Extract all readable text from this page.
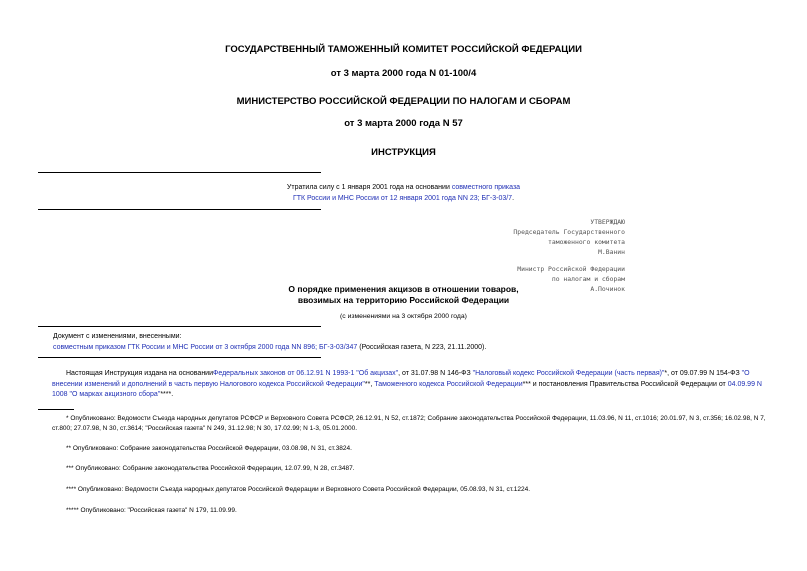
ГОСУДАРСТВЕННЫЙ ТАМОЖЕННЫЙ КОМИТЕТ РОССИЙСКОЙ ФЕДЕРАЦИИ
от 3 марта 2000 года N 01-100/4
МИНИСТЕРСТВО РОССИЙСКОЙ ФЕДЕРАЦИИ ПО НАЛОГАМ И СБОРАМ
от 3 марта 2000 года N 57
ИНСТРУКЦИЯ
Утратила силу с 1 января 2001 года на основании совместного приказа
ГТК России и МНС России от 12 января 2001 года NN 23; БГ-3-03/7.
УТВЕРЖДАЮ
Председатель Государственного
таможенного комитета
М.Ванин
Министр Российской Федерации
по налогам и сборам
А.Починок
О порядке применения акцизов в отношении товаров,
ввозимых на территорию Российской Федерации
(с изменениями на 3 октября 2000 года)
Документ с изменениями, внесенными:
совместным приказом ГТК России и МНС России от 3 октября 2000 года NN 896; БГ-3-03/347 (Российская газета, N 223, 21.11.2000).
Настоящая Инструкция издана на основанииФедеральных законов от 06.12.91 N 1993-1 "Об акцизах", от 31.07.98 N 146-ФЗ "Налоговый кодекс Российской Федерации (часть первая)"*, от 09.07.99 N 154-ФЗ "О внесении изменений и дополнений в часть первую Налогового кодекса Российской Федерации"**, Таможенного кодекса Российской Федерации*** и постановления Правительства Российской Федерации от 04.09.99 N 1008 "О марках акцизного сбора"****.
* Опубликовано: Ведомости Съезда народных депутатов РСФСР и Верховного Совета РСФСР, 26.12.91, N 52, ст.1872; Собрание законодательства Российской Федерации, 11.03.96, N 11, ст.1016; 20.01.97, N 3, ст.356; 16.02.98, N 7, ст.800; 27.07.98, N 30, ст.3614; "Российская газета" N 249, 31.12.98; N 30, 17.02.99; N 1-3, 05.01.2000.
** Опубликовано: Собрание законодательства Российской Федерации, 03.08.98, N 31, ст.3824.
*** Опубликовано: Собрание законодательства Российской Федерации, 12.07.99, N 28, ст.3487.
**** Опубликовано: Ведомости Съезда народных депутатов Российской Федерации и Верховного Совета Российской Федерации, 05.08.93, N 31, ст.1224.
***** Опубликовано: "Российская газета" N 179, 11.09.99.
